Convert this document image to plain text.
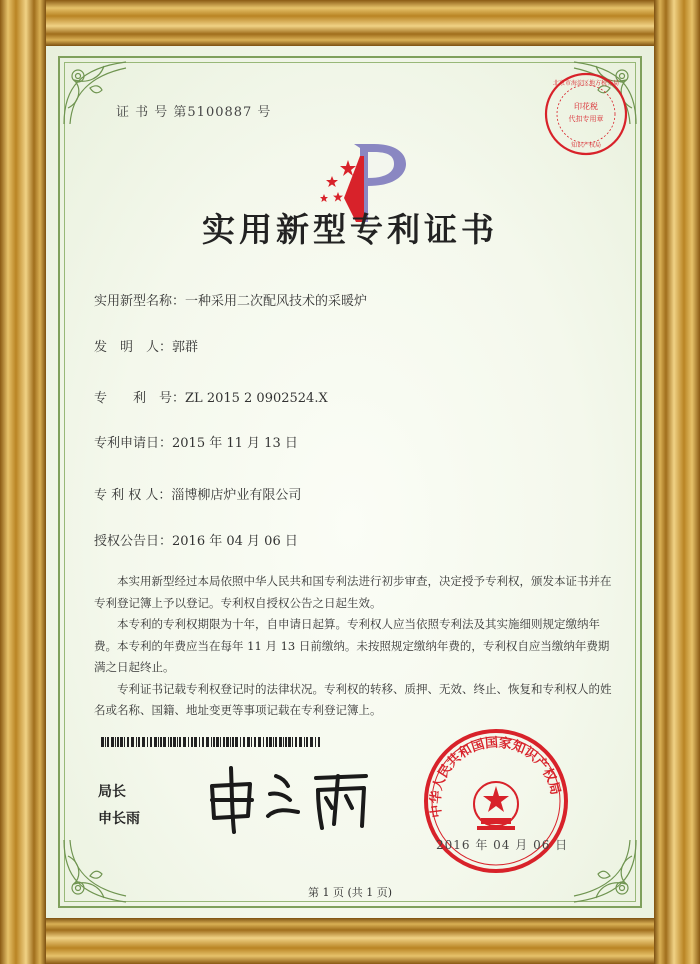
证 书 号 第5100887 号	印花税
代扣专用章
北京市海淀区地方税务局
知识产权局
实用新型专利证书
实用新型名称：一种采用二次配风技术的采暖炉
发　明　人：郭群
专　　利　号：ZL 2015 2 0902524.X
专利申请日：2015 年 11 月 13 日
专 利 权 人：淄博柳店炉业有限公司
授权公告日：2016 年 04 月 06 日

本实用新型经过本局依照中华人民共和国专利法进行初步审查，决定授予专利权，颁发本证书并在专利登记簿上予以登记。专利权自授权公告之日起生效。

本专利的专利权期限为十年，自申请日起算。专利权人应当依照专利法及其实施细则规定缴纳年费。本专利的年费应当在每年 11 月 13 日前缴纳。未按照规定缴纳年费的，专利权自应当缴纳年费期满之日起终止。

专利证书记载专利权登记时的法律状况。专利权的转移、质押、无效、终止、恢复和专利权人的姓名或名称、国籍、地址变更等事项记载在专利登记簿上。

中华人民共和国国家知识产权局
局长
申长雨
2016 年 04 月 06 日
第 1 页 (共 1 页)
